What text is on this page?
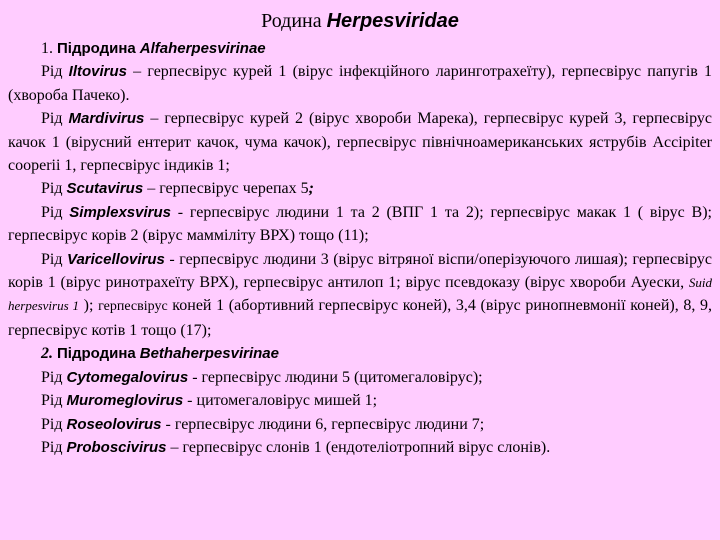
Родина Herpesviridae

1. Підродина Alfaherpesvirinae

Рід Iltovirus – герпесвірус курей 1 (вірус інфекційного ларинготрахеїту), герпесвірус папугів 1 (хвороба Пачеко).

Рід Mardivirus – герпесвірус курей 2 (вірус хвороби Марека), герпесвірус курей 3, герпесвірус качок 1 (вірусний ентерит качок, чума качок), герпесвірус північноамериканських яструбів Accipiter cooperii 1, герпесвірус індиків 1;

Рід Scutavirus – герпесвірус черепах 5;

Рід Simplexsvirus - герпесвірус людини 1 та 2 (ВПГ 1 та 2); герпесвірус макак 1 ( вірус В); герпесвірус корів 2 (вірус мамміліту ВРХ) тощо (11);

Рід Varicellovirus - герпесвірус людини 3 (вірус вітряної віспи/оперізуючого лишая); герпесвірус корів 1 (вірус ринотрахеїту ВРХ), герпесвірус антилоп 1; вірус псевдоказу (вірус хвороби Ауески, Suid herpesvirus 1 ); герпесвірус коней 1 (абортивний герпесвірус коней), 3,4 (вірус ринопневмонії коней), 8, 9, герпесвірус котів 1 тощо (17);

2. Підродина Bethaherpesvirinae

Рід Cytomegalovirus - герпесвірус людини 5 (цитомегаловірус);

Рід Muromeglovirus - цитомегаловірус мишей 1;

Рід Roseolovirus - герпесвірус людини 6, герпесвірус людини 7;

Рід Proboscivirus – герпесвірус слонів 1 (ендотеліотропний вірус слонів).
